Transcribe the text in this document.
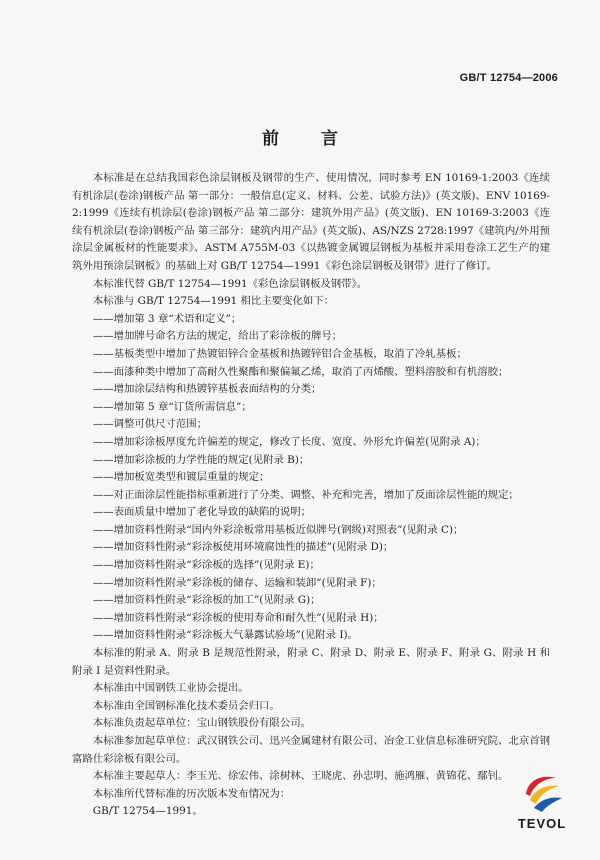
GB/T 12754—2006
前 言

本标准是在总结我国彩色涂层钢板及钢带的生产、使用情况，同时参考 EN 10169-1:2003《连续有机涂层(卷涂)钢板产品 第一部分：一般信息(定义、材料、公差、试验方法)》(英文版)、ENV 10169-2:1999《连续有机涂层(卷涂)钢板产品 第二部分：建筑外用产品》(英文版)、EN 10169-3:2003《连续有机涂层(卷涂)钢板产品 第三部分：建筑内用产品》(英文版)、AS/NZS 2728:1997《建筑内/外用预涂层金属板材的性能要求》、ASTM A755M-03《以热镀金属镀层钢板为基板并采用卷涂工艺生产的建筑外用预涂层钢板》的基础上对 GB/T 12754—1991《彩色涂层钢板及钢带》进行了修订。

本标准代替 GB/T 12754—1991《彩色涂层钢板及钢带》。

本标准与 GB/T 12754—1991 相比主要变化如下：

——增加第 3 章“术语和定义”；

——增加牌号命名方法的规定，给出了彩涂板的牌号；

——基板类型中增加了热镀铝锌合金基板和热镀锌铝合金基板，取消了冷轧基板；

——面漆种类中增加了高耐久性聚酯和聚偏氟乙烯，取消了丙烯酸、塑料溶胶和有机溶胶；

——增加涂层结构和热镀锌基板表面结构的分类；

——增加第 5 章“订货所需信息”；

——调整可供尺寸范围；

——增加彩涂板厚度允许偏差的规定，修改了长度、宽度、外形允许偏差(见附录 A)；

——增加彩涂板的力学性能的规定(见附录 B)；

——增加板宽类型和镀层重量的规定；

——对正面涂层性能指标重新进行了分类、调整、补充和完善，增加了反面涂层性能的规定；

——表面质量中增加了老化导致的缺陷的说明；

——增加资料性附录“国内外彩涂板常用基板近似牌号(钢级)对照表”(见附录 C)；

——增加资料性附录“彩涂板使用环境腐蚀性的描述”(见附录 D)；

——增加资料性附录“彩涂板的选择”(见附录 E)；

——增加资料性附录“彩涂板的储存、运输和装卸”(见附录 F)；

——增加资料性附录“彩涂板的加工”(见附录 G)；

——增加资料性附录“彩涂板的使用寿命和耐久性”(见附录 H)；

——增加资料性附录“彩涂板大气暴露试验场”(见附录 I)。

本标准的附录 A、附录 B 是规范性附录，附录 C、附录 D、附录 E、附录 F、附录 G、附录 H 和附录 I 是资料性附录。

本标准由中国钢铁工业协会提出。

本标准由全国钢标准化技术委员会归口。

本标准负责起草单位：宝山钢铁股份有限公司。

本标准参加起草单位：武汉钢铁公司、迅兴金属建材有限公司、冶金工业信息标准研究院、北京首钢富路仕彩涂板有限公司。

本标准主要起草人：李玉光、徐宏伟、涂树林、王晓虎、孙忠明、施鸿雁、黄锦花、鄢钊。

本标准所代替标准的历次版本发布情况为：

GB/T 12754—1991。

TEVOL
